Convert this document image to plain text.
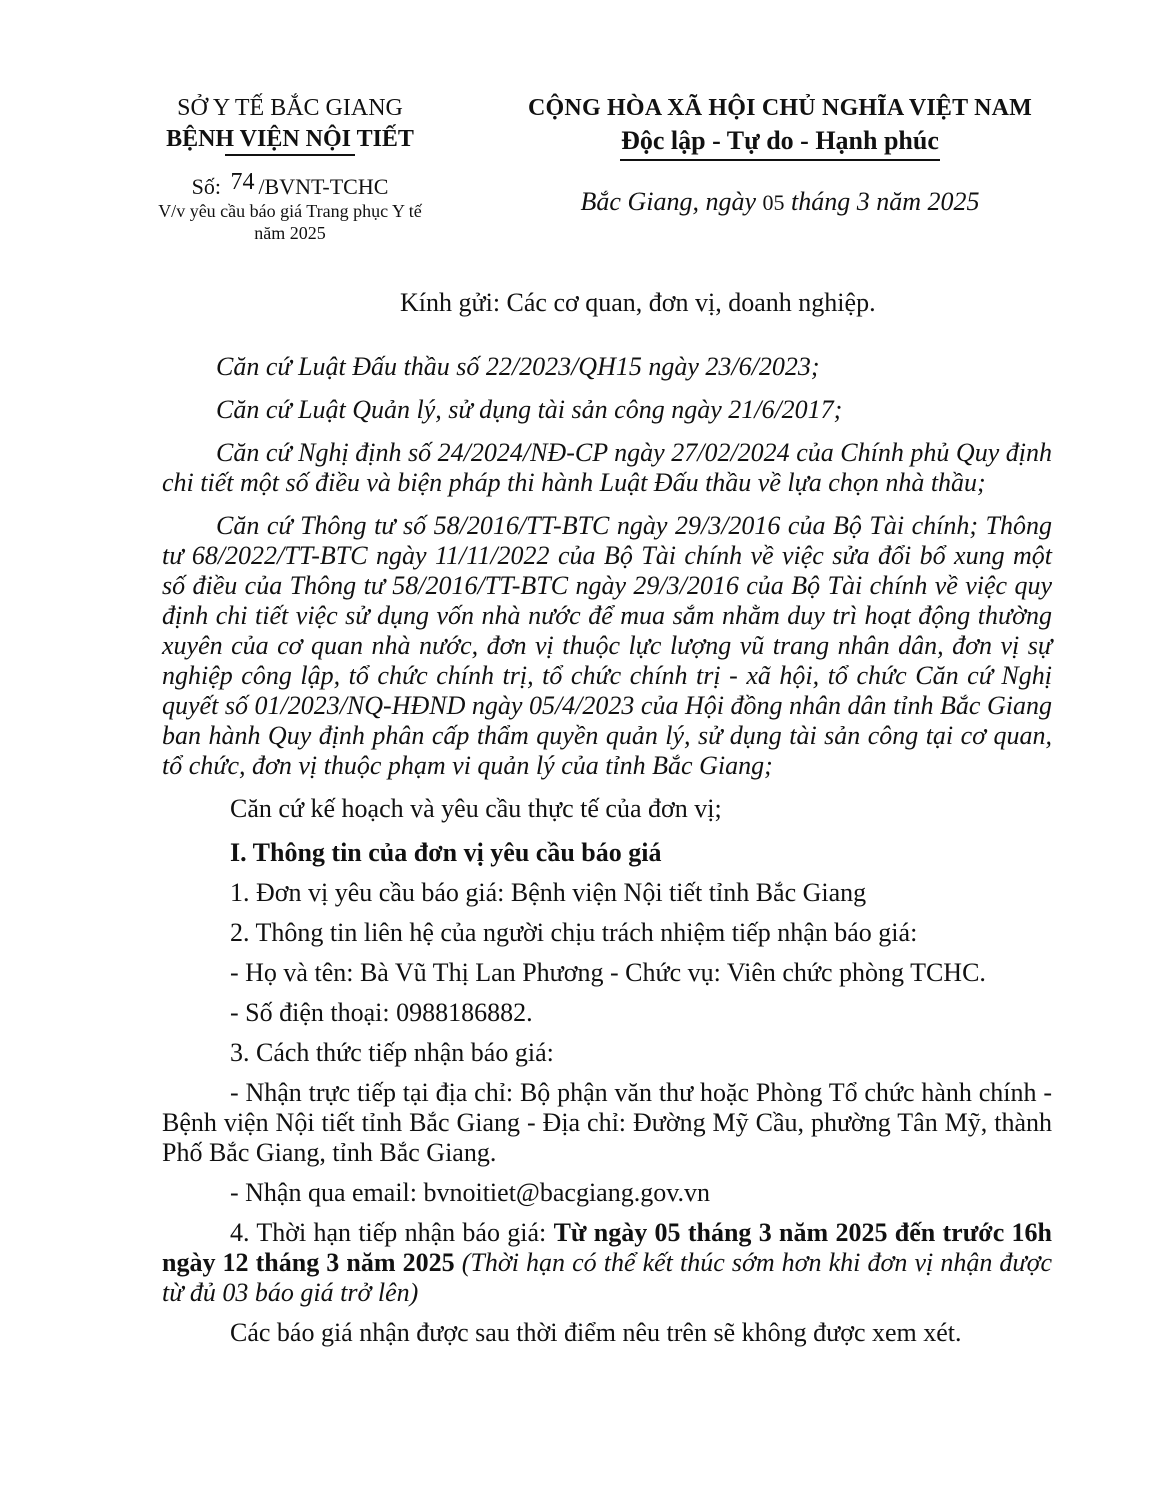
SỞ Y TẾ BẮC GIANG
BỆNH VIỆN NỘI TIẾT
Số: 74 /BVNT-TCHC
V/v yêu cầu báo giá Trang phục Y tế
năm 2025
CỘNG HÒA XÃ HỘI CHỦ NGHĨA VIỆT NAM
Độc lập - Tự do - Hạnh phúc
Bắc Giang, ngày 05 tháng 3 năm 2025
Kính gửi: Các cơ quan, đơn vị, doanh nghiệp.

Căn cứ Luật Đấu thầu số 22/2023/QH15 ngày 23/6/2023;

Căn cứ Luật Quản lý, sử dụng tài sản công ngày 21/6/2017;

Căn cứ Nghị định số 24/2024/NĐ-CP ngày 27/02/2024 của Chính phủ Quy định chi tiết một số điều và biện pháp thi hành Luật Đấu thầu về lựa chọn nhà thầu;

Căn cứ Thông tư số 58/2016/TT-BTC ngày 29/3/2016 của Bộ Tài chính; Thông tư 68/2022/TT-BTC ngày 11/11/2022 của Bộ Tài chính về việc sửa đổi bổ xung một số điều của Thông tư 58/2016/TT-BTC ngày 29/3/2016 của Bộ Tài chính về việc quy định chi tiết việc sử dụng vốn nhà nước để mua sắm nhằm duy trì hoạt động thường xuyên của cơ quan nhà nước, đơn vị thuộc lực lượng vũ trang nhân dân, đơn vị sự nghiệp công lập, tổ chức chính trị, tổ chức chính trị - xã hội, tổ chức Căn cứ Nghị quyết số 01/2023/NQ-HĐND ngày 05/4/2023 của Hội đồng nhân dân tỉnh Bắc Giang ban hành Quy định phân cấp thẩm quyền quản lý, sử dụng tài sản công tại cơ quan, tổ chức, đơn vị thuộc phạm vi quản lý của tỉnh Bắc Giang;

Căn cứ kế hoạch và yêu cầu thực tế của đơn vị;

I. Thông tin của đơn vị yêu cầu báo giá

1. Đơn vị yêu cầu báo giá: Bệnh viện Nội tiết tỉnh Bắc Giang

2. Thông tin liên hệ của người chịu trách nhiệm tiếp nhận báo giá:

- Họ và tên: Bà Vũ Thị Lan Phương - Chức vụ: Viên chức phòng TCHC.

- Số điện thoại: 0988186882.

3. Cách thức tiếp nhận báo giá:

- Nhận trực tiếp tại địa chỉ: Bộ phận văn thư hoặc Phòng Tổ chức hành chính - Bệnh viện Nội tiết tỉnh Bắc Giang - Địa chỉ: Đường Mỹ Cầu, phường Tân Mỹ, thành Phố Bắc Giang, tỉnh Bắc Giang.

- Nhận qua email: bvnoitiet@bacgiang.gov.vn

4. Thời hạn tiếp nhận báo giá: Từ ngày 05 tháng 3 năm 2025 đến trước 16h ngày 12 tháng 3 năm 2025 (Thời hạn có thể kết thúc sớm hơn khi đơn vị nhận được từ đủ 03 báo giá trở lên)

Các báo giá nhận được sau thời điểm nêu trên sẽ không được xem xét.
